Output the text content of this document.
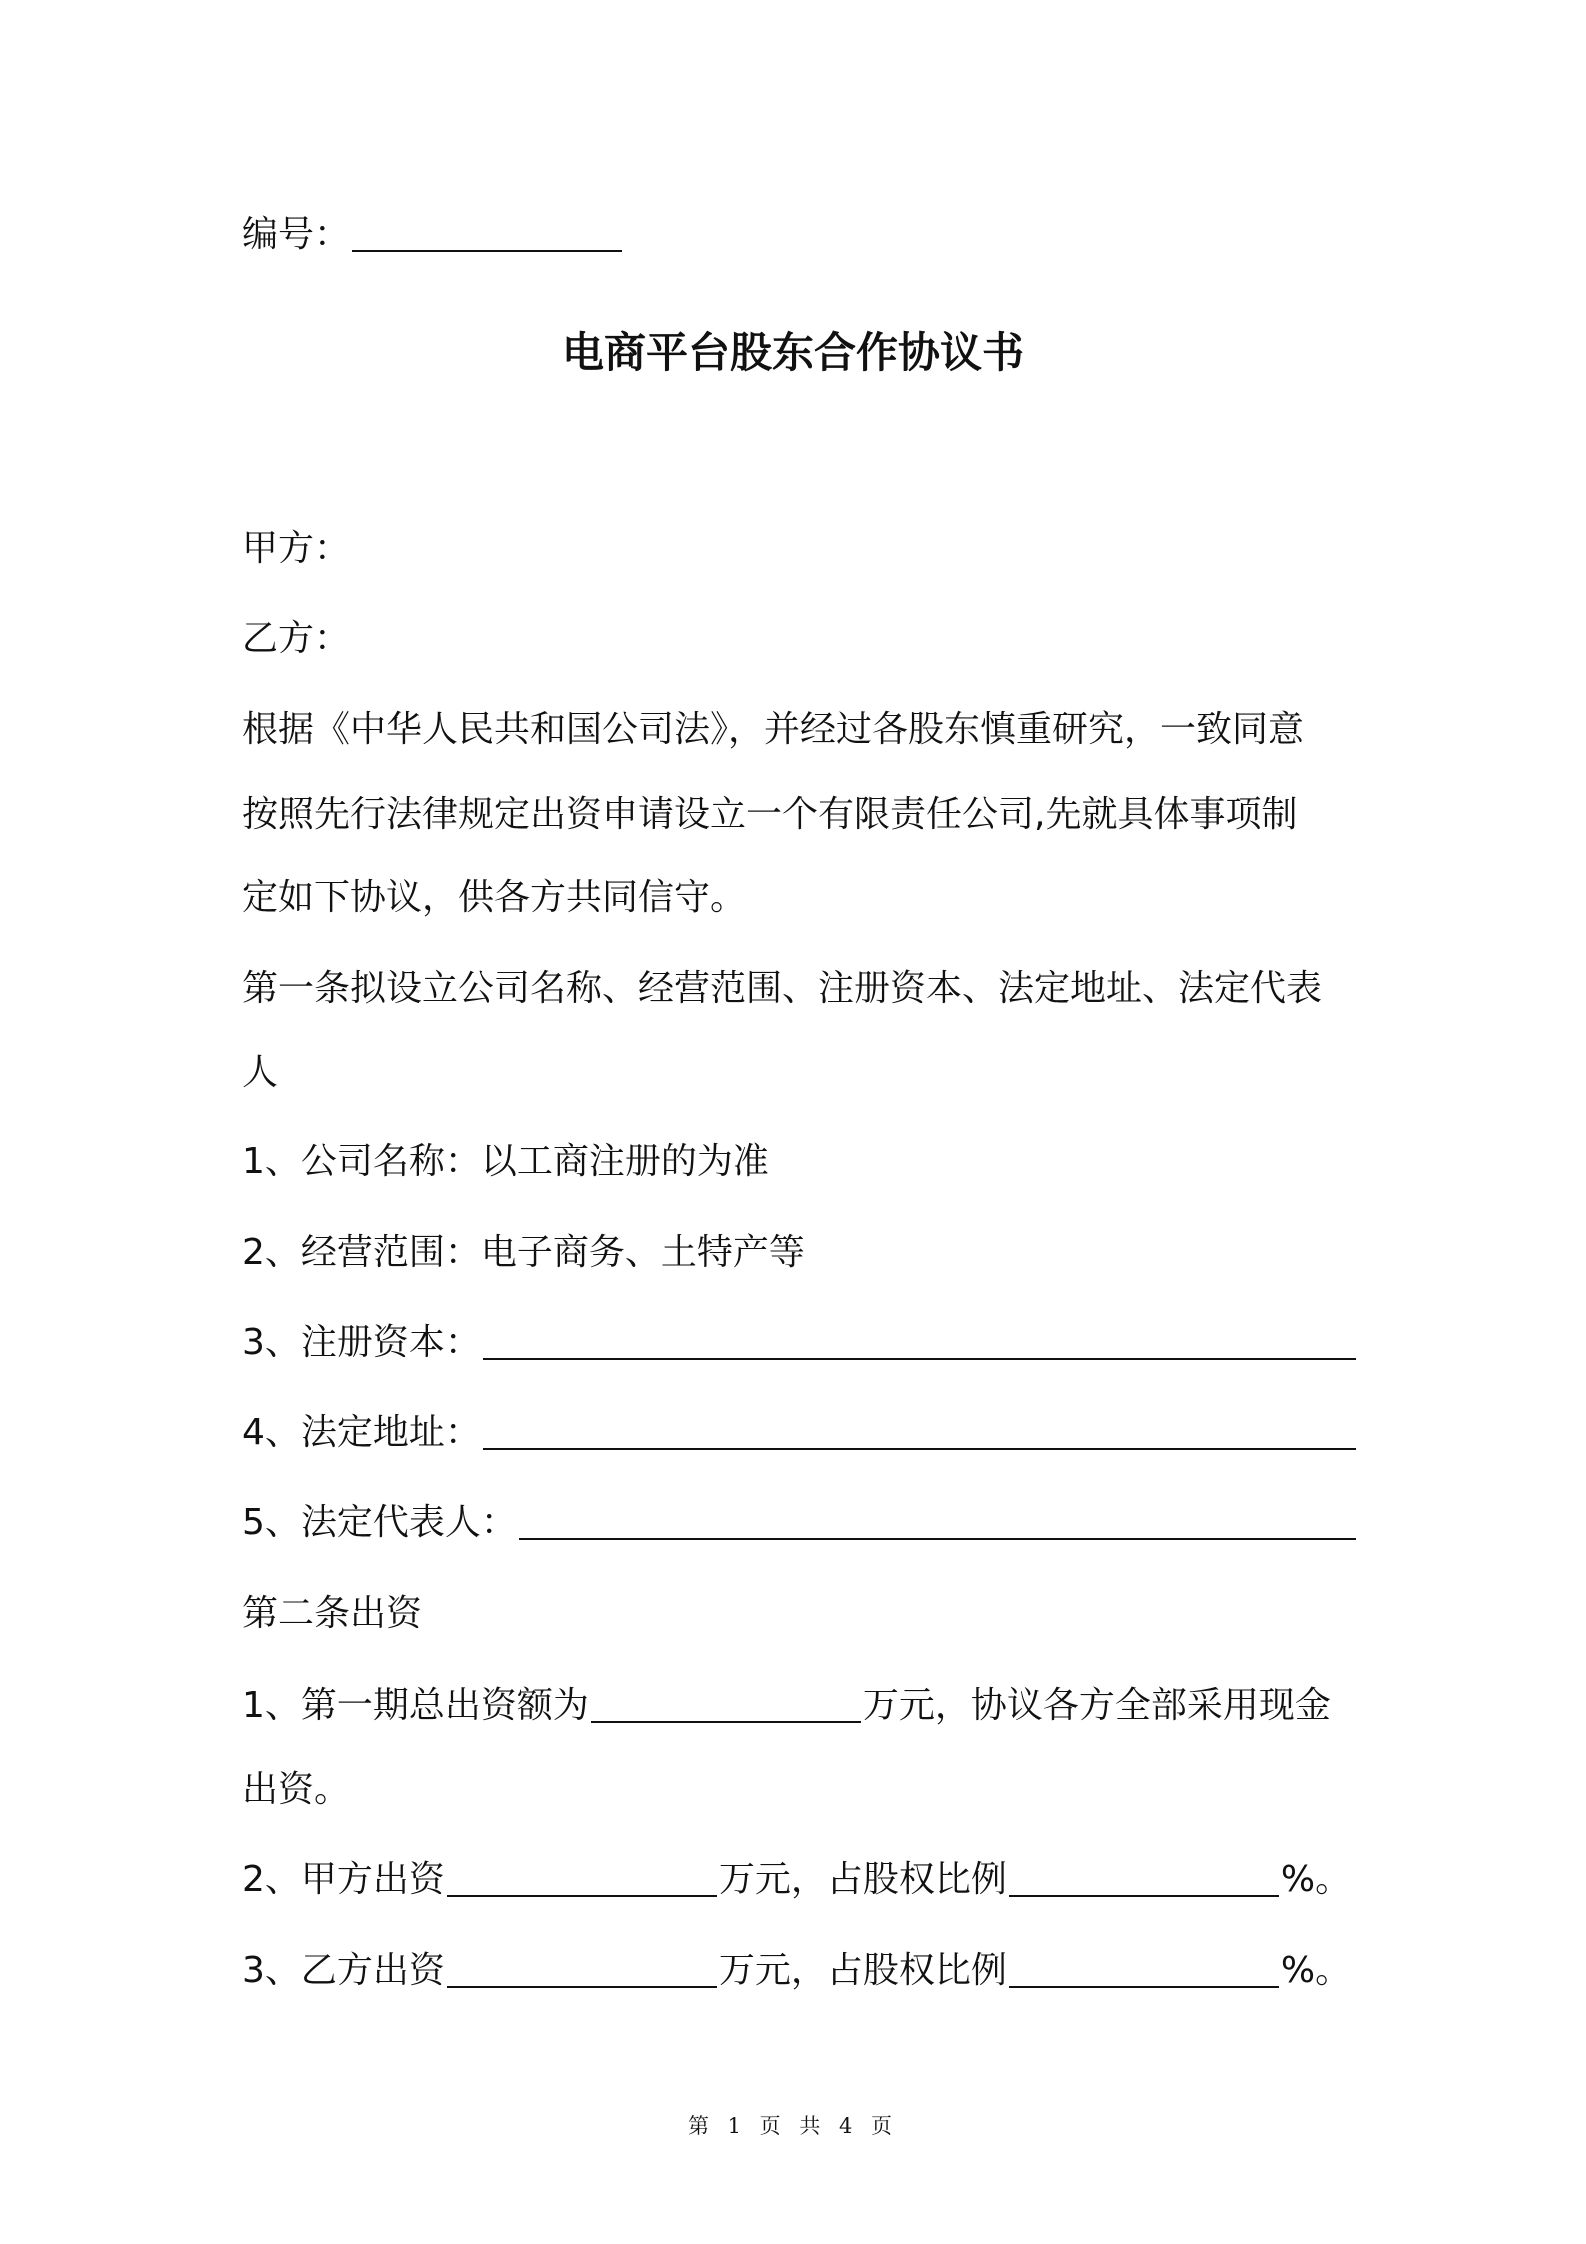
编号：
电商平台股东合作协议书
甲方：
乙方：
根据《中华人民共和国公司法》，并经过各股东慎重研究，一致同意
按照先行法律规定出资申请设立一个有限责任公司,先就具体事项制
定如下协议，供各方共同信守。
第一条拟设立公司名称、经营范围、注册资本、法定地址、法定代表
人
1、公司名称：以工商注册的为准
2、经营范围：电子商务、土特产等
3、注册资本：
4、法定地址：
5、法定代表人：
第二条出资
1、第一期总出资额为	万元，协议各方全部采用现金
出资。
2、甲方出资	万元，占股权比例	%。
3、乙方出资	万元，占股权比例	%。
第 1 页 共 4 页
